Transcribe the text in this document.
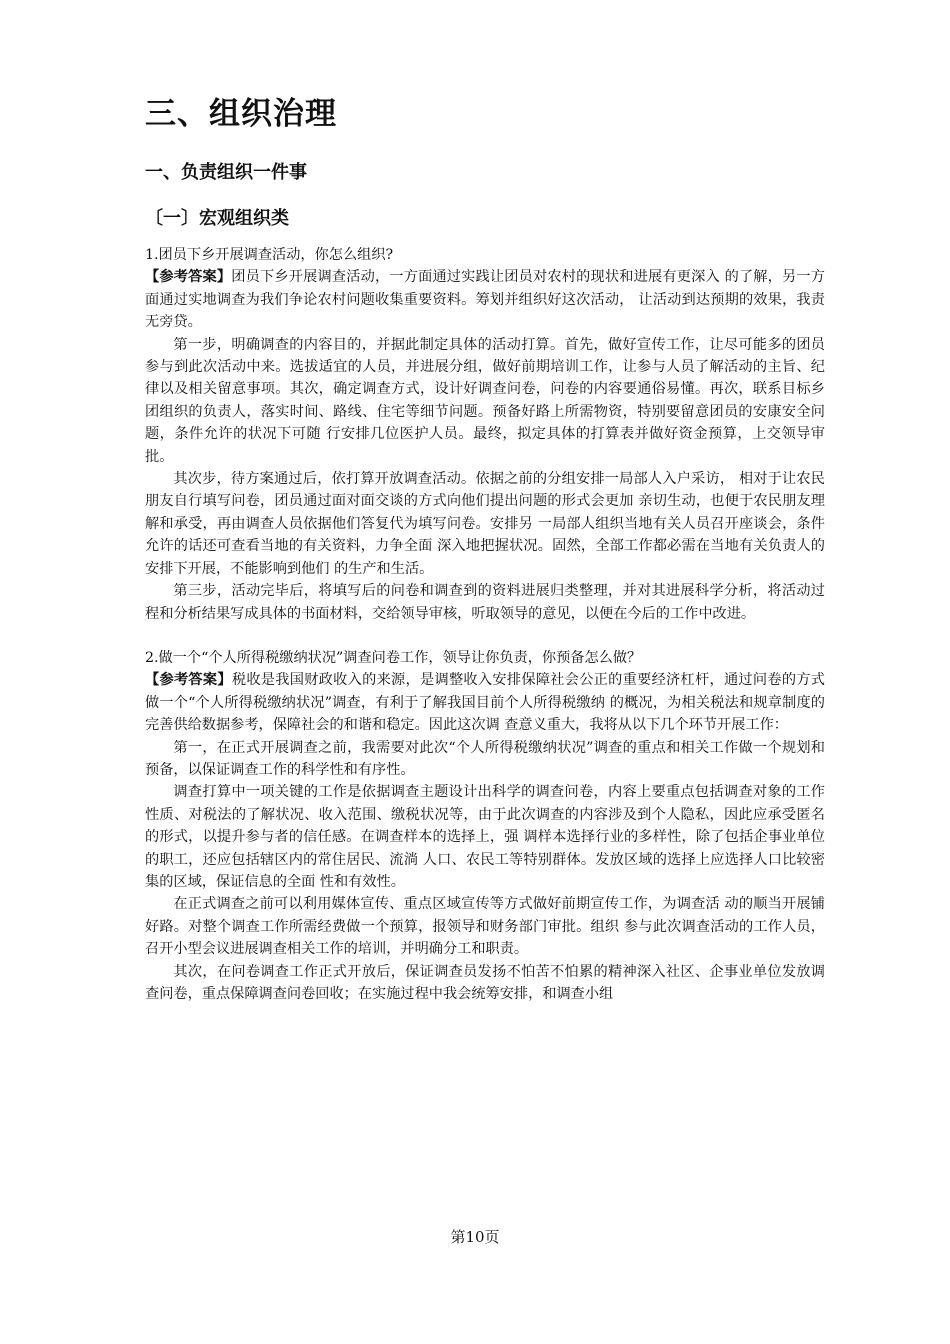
三、组织治理
一、负责组织一件事
〔一〕宏观组织类

1.团员下乡开展调查活动，你怎么组织?

【参考答案】团员下乡开展调查活动，一方面通过实践让团员对农村的现状和进展有更深入 的了解，另一方面通过实地调查为我们争论农村问题收集重要资料。筹划并组织好这次活动， 让活动到达预期的效果，我责无旁贷。

第一步，明确调查的内容目的，并据此制定具体的活动打算。首先，做好宣传工作，让尽可能多的团员参与到此次活动中来。选拔适宜的人员，并进展分组，做好前期培训工作，让参与人员了解活动的主旨、纪律以及相关留意事项。其次，确定调查方式，设计好调查问卷，问卷的内容要通俗易懂。再次，联系目标乡团组织的负责人，落实时间、路线、住宅等细节问题。预备好路上所需物资，特别要留意团员的安康安全问题，条件允许的状况下可随 行安排几位医护人员。最终，拟定具体的打算表并做好资金预算，上交领导审批。

其次步，待方案通过后，依打算开放调查活动。依据之前的分组安排一局部人入户采访， 相对于让农民朋友自行填写问卷，团员通过面对面交谈的方式向他们提出问题的形式会更加 亲切生动，也便于农民朋友理解和承受，再由调查人员依据他们答复代为填写问卷。安排另 一局部人组织当地有关人员召开座谈会，条件允许的话还可查看当地的有关资料，力争全面 深入地把握状况。固然，全部工作都必需在当地有关负责人的安排下开展，不能影响到他们 的生产和生活。

第三步，活动完毕后，将填写后的问卷和调查到的资料进展归类整理，并对其进展科学分析，将活动过程和分析结果写成具体的书面材料，交给领导审核，听取领导的意见，以便在今后的工作中改进。

2.做一个“个人所得税缴纳状况”调查问卷工作，领导让你负责，你预备怎么做？

【参考答案】税收是我国财政收入的来源，是调整收入安排保障社会公正的重要经济杠杆，通过问卷的方式做一个“个人所得税缴纳状况”调查，有利于了解我国目前个人所得税缴纳 的概况，为相关税法和规章制度的完善供给数据参考，保障社会的和谐和稳定。因此这次调 查意义重大，我将从以下几个环节开展工作：

第一，在正式开展调查之前，我需要对此次“个人所得税缴纳状况”调查的重点和相关工作做一个规划和预备，以保证调查工作的科学性和有序性。

调查打算中一项关键的工作是依据调查主题设计出科学的调查问卷，内容上要重点包括调查对象的工作性质、对税法的了解状况、收入范围、缴税状况等，由于此次调查的内容涉及到个人隐私，因此应承受匿名的形式，以提升参与者的信任感。在调查样本的选择上，强 调样本选择行业的多样性，除了包括企事业单位的职工，还应包括辖区内的常住居民、流淌 人口、农民工等特别群体。发放区域的选择上应选择人口比较密集的区域，保证信息的全面 性和有效性。

在正式调查之前可以利用媒体宣传、重点区域宣传等方式做好前期宣传工作，为调查活 动的顺当开展铺好路。对整个调查工作所需经费做一个预算，报领导和财务部门审批。组织 参与此次调查活动的工作人员，召开小型会议进展调查相关工作的培训，并明确分工和职责。

其次，在问卷调查工作正式开放后，保证调查员发扬不怕苦不怕累的精神深入社区、企事业单位发放调查问卷，重点保障调查问卷回收；在实施过程中我会统筹安排，和调查小组

第10页
